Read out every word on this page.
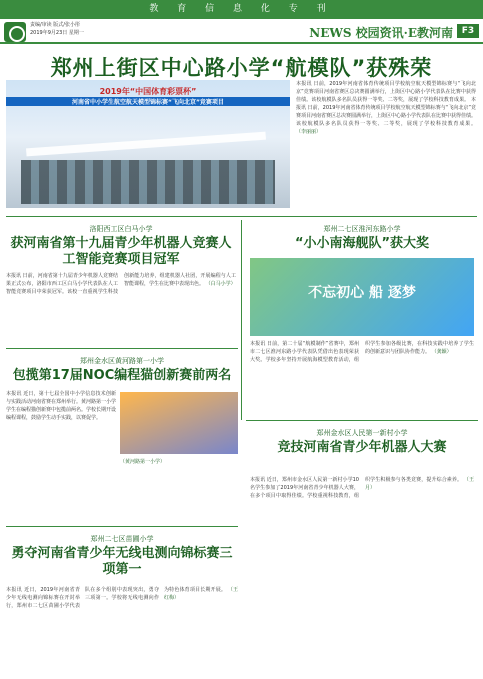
教 育 信 息 化 专 刊
责编/审读 版式/张小彤
2019年9月23日 星期一	NEWS 校园资讯·E教河南 F3
郑州上街区中心路小学“航模队”获殊荣
2019年“中国体育彩票杯”
河南省中小学生航空航天模型锦标赛“飞向北京”竞赛项目
本报讯 日前，2019年河南省体育传统项目学校航空航天模型锦标赛与“飞向北京”竞赛项目河南省赛区总决赛圆满举行，上街区中心路小学代表队在比赛中获得佳绩。该校航模队多名队员获得一等奖、二等奖，展现了学校科技教育成果。 本报讯 日前，2019年河南省体育传统项目学校航空航天模型锦标赛与“飞向北京”竞赛项目河南省赛区总决赛圆满举行，上街区中心路小学代表队在比赛中获得佳绩。该校航模队多名队员获得一等奖、二等奖，展现了学校科技教育成果。 （李丽丽）
洛阳西工区白马小学
获河南省第十九届青少年机器人竞赛人工智能竞赛项目冠军
本报讯 日前，河南省第十九届青少年机器人竞赛结果正式公布，洛阳市西工区白马小学代表队在人工智能竞赛项目中荣获冠军。该校一直重视学生科技创新能力培养，组建机器人社团，开展编程与人工智能课程，学生在比赛中表现出色。 （白马小学）
郑州二七区淮河东路小学
“小小南海舰队”获大奖
不忘初心 船 逐梦
本报讯 日前，第二十届“航模制作”省赛中，郑州市二七区淮河东路小学代表队凭借出色表现荣获大奖。学校多年坚持开展航海模型教育活动，组织学生参加各级比赛，在科技实践中培养了学生的创新意识与团队协作能力。 （龚颖）
郑州金水区黄河路第一小学
包揽第17届NOC编程猫创新赛前两名
本报讯 近日，第十七届全国中小学信息技术创新与实践活动河南省赛在郑州举行。黄河路第一小学学生在编程猫创新赛中包揽前两名。学校长期开设编程课程，鼓励学生动手实践，以赛促学。
（黄河路第一小学）
郑州金水区人民第一新村小学
竞技河南省青少年机器人大赛
本报讯 近日，郑州市金水区人民第一新村小学10名学生参加了2019年河南省青少年机器人大赛，在多个项目中取得佳绩。学校重视科技教育，组织学生积极参与各类竞赛，提升综合素养。 （王月）
郑州二七区苗圃小学
勇夺河南省青少年无线电测向锦标赛三项第一
本报讯 近日，2019年河南省青少年无线电测向锦标赛在开封举行，郑州市二七区苗圃小学代表队在多个组别中表现突出，勇夺三项第一。学校将无线电测向作为特色体育项目长期开展。 （王红梅）
